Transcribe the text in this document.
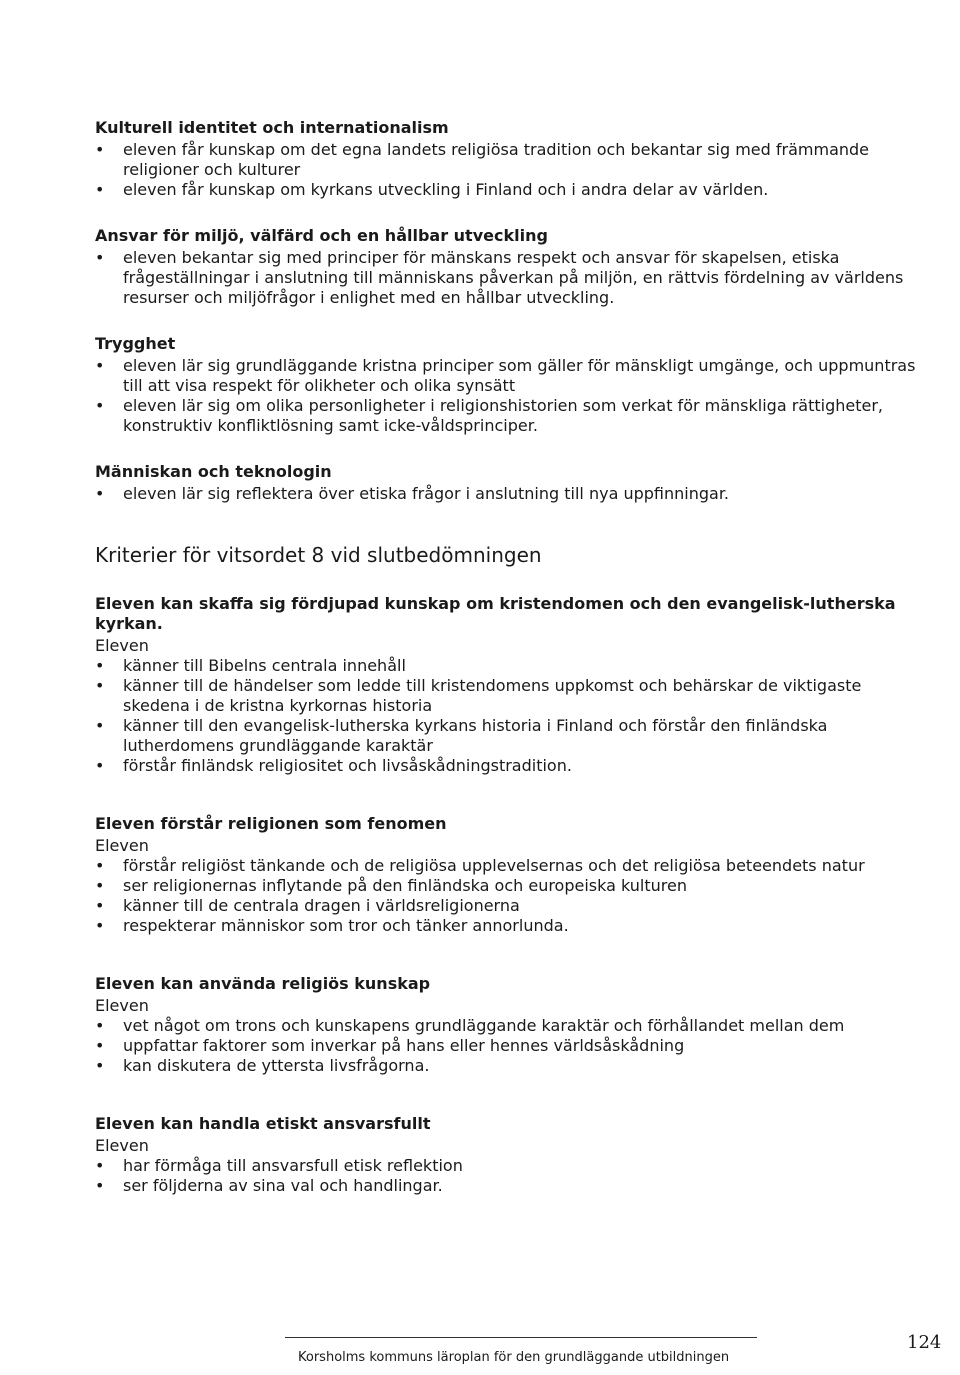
Kulturell identitet och internationalism
• eleven får kunskap om det egna landets religiösa tradition och bekantar sig med främmande religioner och kulturer
• eleven får kunskap om kyrkans utveckling i Finland och i andra delar av världen.
Ansvar för miljö, välfärd och en hållbar utveckling
• eleven bekantar sig med principer för mänskans respekt och ansvar för skapelsen, etiska frågeställningar i anslutning till människans påverkan på miljön, en rättvis fördelning av världens resurser och miljöfrågor i enlighet med en hållbar utveckling.
Trygghet
• eleven lär sig grundläggande kristna principer som gäller för mänskligt umgänge, och uppmuntras till att visa respekt för olikheter och olika synsätt
• eleven lär sig om olika personligheter i religionshistorien som verkat för mänskliga rättigheter, konstruktiv konfliktlösning samt icke-våldsprinciper.
Människan och teknologin
• eleven lär sig reflektera över etiska frågor i anslutning till nya uppfinningar.
Kriterier för vitsordet 8 vid slutbedömningen
Eleven kan skaffa sig fördjupad kunskap om kristendomen och den evangelisk-lutherska kyrkan.

Eleven

• känner till Bibelns centrala innehåll
• känner till de händelser som ledde till kristendomens uppkomst och behärskar de viktigaste skedena i de kristna kyrkornas historia
• känner till den evangelisk-lutherska kyrkans historia i Finland och förstår den finländska lutherdomens grundläggande karaktär
• förstår finländsk religiositet och livsåskådningstradition.
Eleven förstår religionen som fenomen

Eleven

• förstår religiöst tänkande och de religiösa upplevelsernas och det religiösa beteendets natur
• ser religionernas inflytande på den finländska och europeiska kulturen
• känner till de centrala dragen i världsreligionerna
• respekterar människor som tror och tänker annorlunda.
Eleven kan använda religiös kunskap

Eleven

• vet något om trons och kunskapens grundläggande karaktär och förhållandet mellan dem
• uppfattar faktorer som inverkar på hans eller hennes världsåskådning
• kan diskutera de yttersta livsfrågorna.
Eleven kan handla etiskt ansvarsfullt

Eleven

• har förmåga till ansvarsfull etisk reflektion
• ser följderna av sina val och handlingar.
Korsholms kommuns läroplan för den grundläggande utbildningen
124
